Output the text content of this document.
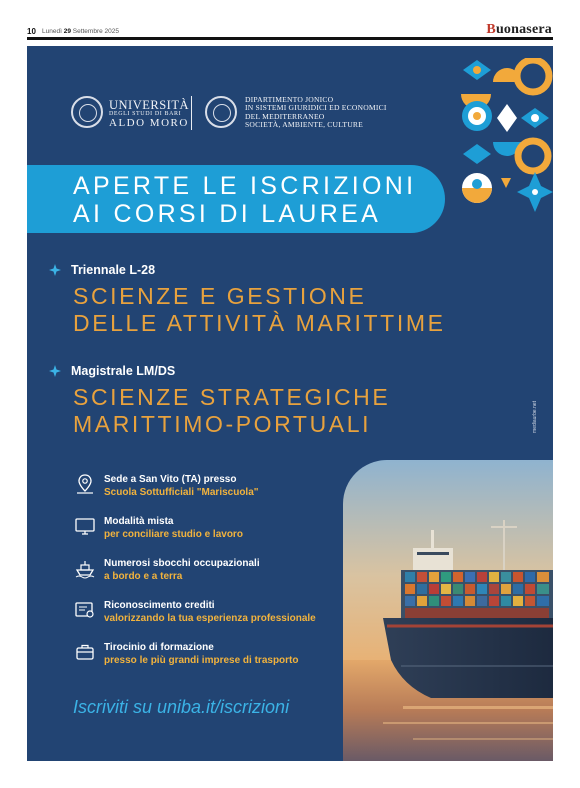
10 Lunedì 29 Settembre 2025	Buonasera
UNIVERSITÀ
DEGLI STUDI DI BARI
ALDO MORO
DIPARTIMENTO JONICO
IN SISTEMI GIURIDICI ED ECONOMICI
DEL MEDITERRANEO
SOCIETÀ, AMBIENTE, CULTURE
APERTE LE ISCRIZIONI
AI CORSI DI LAUREA
Triennale L-28
SCIENZE E GESTIONE
DELLE ATTIVITÀ MARITTIME
Magistrale LM/DS
SCIENZE STRATEGICHE
MARITTIMO-PORTUALI
Sede a San Vito (TA) presso
Scuola Sottufficiali "Mariscuola"
Modalità mista
per conciliare studio e lavoro
Numerosi sbocchi occupazionali
a bordo e a terra
Riconoscimento crediti
valorizzando la tua esperienza professionale
Tirocinio di formazione
presso le più grandi imprese di trasporto
Iscriviti su uniba.it/iscrizioni
mediaurbe.net
